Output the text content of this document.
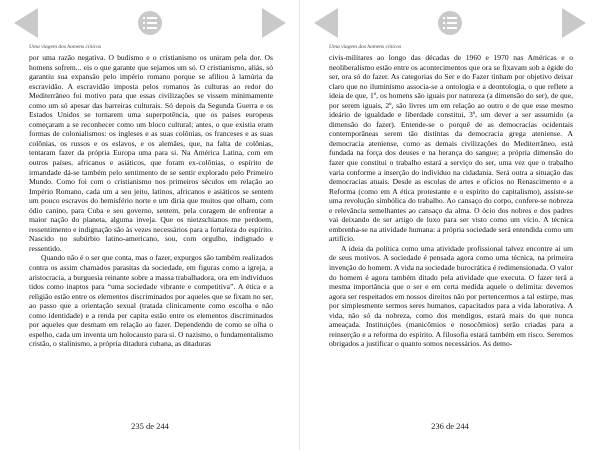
Uma viagem dos homens cínicos

por uma razão negativa. O budismo e o cristianismo os uniram pela dor. Os homens sofrem... eis o que garante que sejamos um só. O cristianismo, aliás, só garantiu sua expansão pelo império romano porque se afiliou à lamúria da escravidão. A escravidão imposta pelos romanos às culturas ao redor do Mediterrâneo foi motivo para que essas civilizações se vissem minimamente como um só apesar das barreiras culturais. Só depois da Segunda Guerra e os Estados Unidos se tornarem uma superpotência, que os países europeus começaram a se reconhecer como um bloco cultural; antes, o que existia eram formas de colonialismos: os ingleses e as suas colônias, os franceses e as suas colônias, os russos e os eslavos, e os alemães, que, na falta de colônias, tentaram fazer da própria Europa uma para si. Na América Latina, com em outros países, africanos e asiáticos, que foram ex-colônias, o espírito de irmandade dá-se também pelo sentimento de se sentir explorado pelo Primeiro Mundo. Como foi com o cristianismo nos primeiros séculos em relação ao Império Romano, cada um a seu jeito, latinos, africanos e asiáticos se sentem um pouco escravos do hemisfério norte e um diria que muitos que olham, com ódio canino, para Cuba e seu governo, sentem, pela coragem de enfrentar a maior nação do planeta, alguma inveja. Que os nietzschianos me perdoem, ressentimento e indignação são às vezes necessários para a fortaleza do espírito. Nascido no subúrbio latino-americano, sou, com orgulho, indignado e ressentido.

Quando não é o ser que conta, mas o fazer, expurgos são também realizados contra os assim chamados parasitas da sociedade, em figuras como a igreja, a aristocracia, a burguesia reinante sobre a massa trabalhadora, ora em indivíduos tidos como inaptos para “uma sociedade vibrante e competitiva”. A ética e a religião estão entre os elementos discriminados por aqueles que se fixam no ser, ao passo que a orientação sexual (tratada clinicamente como escolha e não como identidade) e a renda per capita estão entre os elementos discriminados por aqueles que desmam em relação ao fazer. Dependendo de como se olha o espelho, cada um inventa um holocausto para si. O nazismo, o fundamentalismo cristão, o stalinismo, a própria ditadura cubana, as ditaduras

235 de 244
Uma viagem dos homens cínicos

civis-militares ao longo das décadas de 1960 e 1970 nas Américas e o neoliberalismo estão entre os acontecimentos que ora se fixavam sob a égide do ser, ora só do fazer. As categorias do Ser e do Fazer tinham por objetivo deixar claro que no iluminismo associa-se a ontologia e a deontologia, o que reflete a ideia de que, 1º, os homens são iguais por natureza (a dimensão do ser), de que, por serem iguais, 2º, são livres um em relação ao outro e de que esse mesmo ideário de igualdade e liberdade constitui, 3º, um dever a ser assumido (a dimensão do fazer). Entende-se o porquê de as democracias ocidentais contemporâneas serem tão distintas da democracia grega ateniense. A democracia ateniense, como as demais civilizações do Mediterrâneo, está fundada na força dos deuses e na herança do sangue; a própria dimensão do fazer que constitui o trabalho estará a serviço do ser, uma vez que o trabalho varia conforme a inserção do indivíduo na cidadania. Será outra a situação das democracias atuais. Desde as escolas de artes e ofícios no Renascimento e a Reforma (como em A ética protestante e o espírito do capitalismo), assiste-se uma revolução simbólica do trabalho. Ao cansaço do corpo, confere-se nobreza e relevância semelhantes ao cansaço da alma. O ócio dos nobres e dos padres vai deixando de ser artigo de luxo para ser visto como um vício. A técnica embrenha-se na atividade humana: a própria sociedade será entendida como um artifício.

A ideia da política como uma atividade profissional talvez encontre aí um de seus motivos. A sociedade é pensada agora como uma técnica, na primeira invenção do homem. A vida na sociedade burocrática é redimensionada. O valor do homem é agora também ditado pela atividade que executa. O fazer terá a mesma importância que o ser e em certa medida aquele o delimita: devemos agora ser respeitados em nossos direitos não por pertencermos a tal estirpe, mas por simplesmente sermos seres humanos, capacitados para a vida laborativa. A vida, não só da nobreza, como dos mendigos, estará mais do que nunca ameaçada. Instituições (manicômios e nosocômios) serão criadas para a reinserção e a reforma do espírito. A filosofia estará também em risco. Seremos obrigados a justificar o quanto somos necessários. As demo-

236 de 244
